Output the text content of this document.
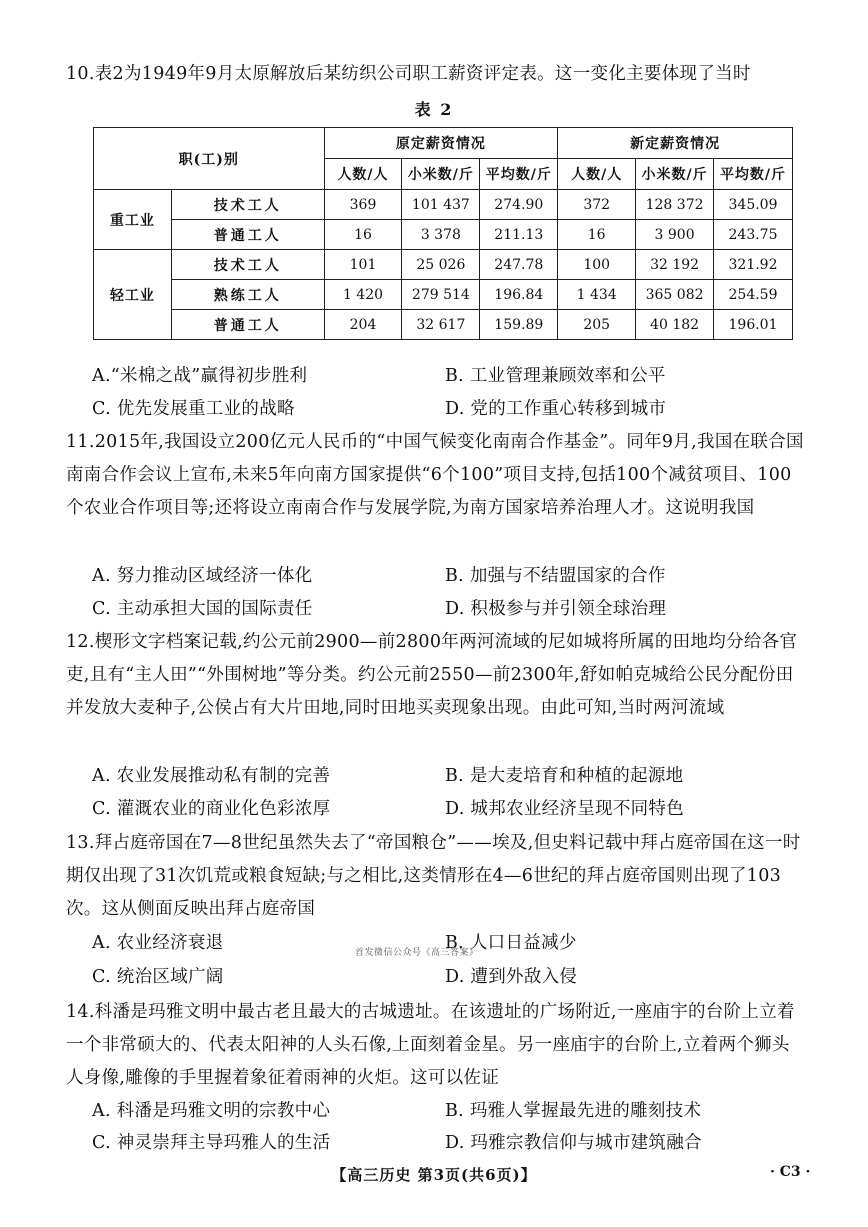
10.表2为1949年9月太原解放后某纺织公司职工薪资评定表。这一变化主要体现了当时
表 2
职(工)别		原定薪资情况			新定薪资情况		
		人数/人	小米数/斤	平均数/斤	人数/人	小米数/斤	平均数/斤
重工业	技术工人	369	101 437	274.90	372	128 372	345.09
	普通工人	16	3 378	211.13	16	3 900	243.75
轻工业	技术工人	101	25 026	247.78	100	32 192	321.92
	熟练工人	1 420	279 514	196.84	1 434	365 082	254.59
	普通工人	204	32 617	159.89	205	40 182	196.01
A.“米棉之战”赢得初步胜利	B. 工业管理兼顾效率和公平
C. 优先发展重工业的战略	D. 党的工作重心转移到城市
11.2015年,我国设立200亿元人民币的“中国气候变化南南合作基金”。同年9月,我国在联合国南南合作会议上宣布,未来5年向南方国家提供“6个100”项目支持,包括100个减贫项目、100个农业合作项目等;还将设立南南合作与发展学院,为南方国家培养治理人才。这说明我国
A. 努力推动区域经济一体化	B. 加强与不结盟国家的合作
C. 主动承担大国的国际责任	D. 积极参与并引领全球治理
12.楔形文字档案记载,约公元前2900—前2800年两河流域的尼如城将所属的田地均分给各官吏,且有“主人田”“外围树地”等分类。约公元前2550—前2300年,舒如帕克城给公民分配份田并发放大麦种子,公侯占有大片田地,同时田地买卖现象出现。由此可知,当时两河流域
A. 农业发展推动私有制的完善	B. 是大麦培育和种植的起源地
C. 灌溉农业的商业化色彩浓厚	D. 城邦农业经济呈现不同特色
13.拜占庭帝国在7—8世纪虽然失去了“帝国粮仓”——埃及,但史料记载中拜占庭帝国在这一时期仅出现了31次饥荒或粮食短缺;与之相比,这类情形在4—6世纪的拜占庭帝国则出现了103次。这从侧面反映出拜占庭帝国
A. 农业经济衰退	B. 人口日益减少
首发微信公众号《高三答案》
C. 统治区域广阔	D. 遭到外敌入侵
14.科潘是玛雅文明中最古老且最大的古城遗址。在该遗址的广场附近,一座庙宇的台阶上立着一个非常硕大的、代表太阳神的人头石像,上面刻着金星。另一座庙宇的台阶上,立着两个狮头人身像,雕像的手里握着象征着雨神的火炬。这可以佐证
A. 科潘是玛雅文明的宗教中心	B. 玛雅人掌握最先进的雕刻技术
C. 神灵崇拜主导玛雅人的生活	D. 玛雅宗教信仰与城市建筑融合
【高三历史 第3页(共6页)】	· C3 ·
